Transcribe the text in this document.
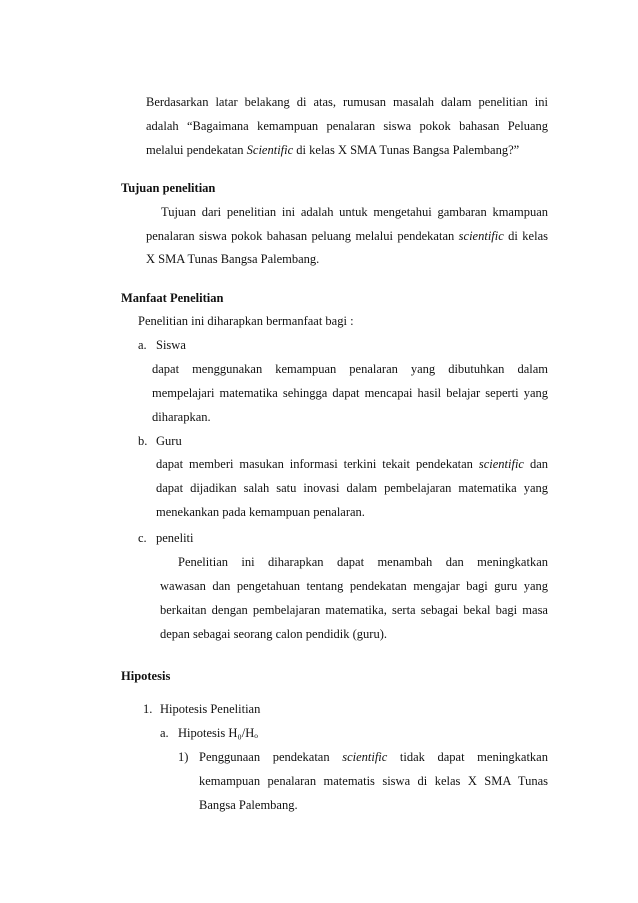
Berdasarkan latar belakang di atas, rumusan masalah dalam penelitian ini
adalah “Bagaimana kemampuan penalaran siswa pokok bahasan Peluang
melalui pendekatan Scientific di kelas X SMA Tunas Bangsa Palembang?”
Tujuan penelitian
Tujuan dari penelitian ini adalah untuk mengetahui gambaran kmampuan
penalaran siswa pokok bahasan peluang melalui pendekatan scientific di kelas
X SMA Tunas Bangsa Palembang.
Manfaat Penelitian
Penelitian ini diharapkan bermanfaat bagi :
a. Siswa
dapat menggunakan kemampuan penalaran yang dibutuhkan dalam
mempelajari matematika sehingga dapat mencapai hasil belajar seperti yang
diharapkan.
b. Guru
dapat memberi masukan informasi terkini tekait pendekatan scientific dan
dapat dijadikan salah satu inovasi dalam pembelajaran matematika yang
menekankan pada kemampuan penalaran.
c. peneliti
Penelitian ini diharapkan dapat menambah dan meningkatkan
wawasan dan pengetahuan tentang pendekatan mengajar bagi guru yang
berkaitan dengan pembelajaran matematika, serta sebagai bekal bagi masa
depan sebagai seorang calon pendidik (guru).
Hipotesis
1. Hipotesis Penelitian
a. Hipotesis H₀/Hₒ
1) Penggunaan pendekatan scientific tidak dapat meningkatkan
kemampuan penalaran matematis siswa di kelas X SMA Tunas
Bangsa Palembang.
